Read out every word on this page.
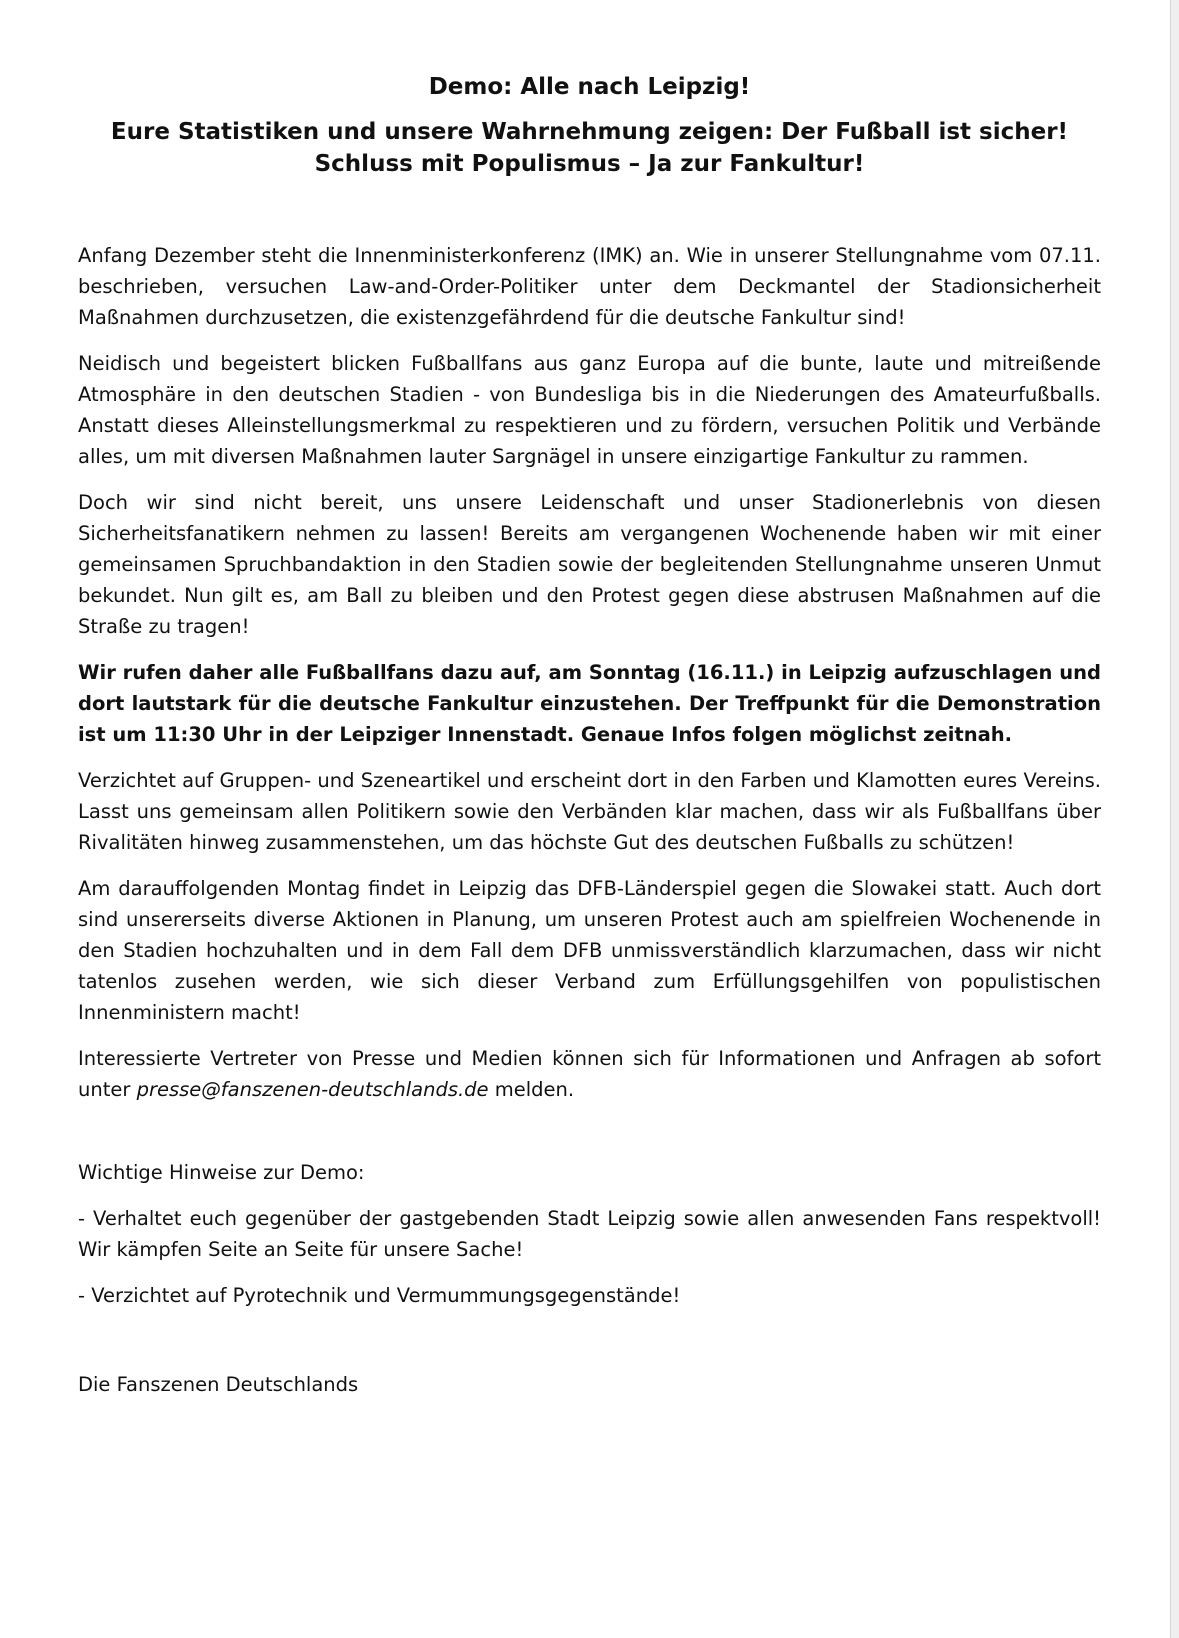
Demo: Alle nach Leipzig!
Eure Statistiken und unsere Wahrnehmung zeigen: Der Fußball ist sicher! Schluss mit Populismus – Ja zur Fankultur!

Anfang Dezember steht die Innenministerkonferenz (IMK) an. Wie in unserer Stellungnahme vom 07.11. beschrieben, versuchen Law-and-Order-Politiker unter dem Deckmantel der Stadionsicherheit Maßnahmen durchzusetzen, die existenzgefährdend für die deutsche Fankultur sind!

Neidisch und begeistert blicken Fußballfans aus ganz Europa auf die bunte, laute und mitreißende Atmosphäre in den deutschen Stadien - von Bundesliga bis in die Niederungen des Amateurfußballs. Anstatt dieses Alleinstellungsmerkmal zu respektieren und zu fördern, versuchen Politik und Verbände alles, um mit diversen Maßnahmen lauter Sargnägel in unsere einzigartige Fankultur zu rammen.

Doch wir sind nicht bereit, uns unsere Leidenschaft und unser Stadionerlebnis von diesen Sicherheitsfanatikern nehmen zu lassen! Bereits am vergangenen Wochenende haben wir mit einer gemeinsamen Spruchbandaktion in den Stadien sowie der begleitenden Stellungnahme unseren Unmut bekundet. Nun gilt es, am Ball zu bleiben und den Protest gegen diese abstrusen Maßnahmen auf die Straße zu tragen!

Wir rufen daher alle Fußballfans dazu auf, am Sonntag (16.11.) in Leipzig aufzuschlagen und dort lautstark für die deutsche Fankultur einzustehen. Der Treffpunkt für die Demonstration ist um 11:30 Uhr in der Leipziger Innenstadt. Genaue Infos folgen möglichst zeitnah.

Verzichtet auf Gruppen- und Szeneartikel und erscheint dort in den Farben und Klamotten eures Vereins. Lasst uns gemeinsam allen Politikern sowie den Verbänden klar machen, dass wir als Fußballfans über Rivalitäten hinweg zusammenstehen, um das höchste Gut des deutschen Fußballs zu schützen!

Am darauffolgenden Montag findet in Leipzig das DFB-Länderspiel gegen die Slowakei statt. Auch dort sind unsererseits diverse Aktionen in Planung, um unseren Protest auch am spielfreien Wochenende in den Stadien hochzuhalten und in dem Fall dem DFB unmissverständlich klarzumachen, dass wir nicht tatenlos zusehen werden, wie sich dieser Verband zum Erfüllungsgehilfen von populistischen Innenministern macht!

Interessierte Vertreter von Presse und Medien können sich für Informationen und Anfragen ab sofort unter presse@fanszenen-deutschlands.de melden.

Wichtige Hinweise zur Demo:

- Verhaltet euch gegenüber der gastgebenden Stadt Leipzig sowie allen anwesenden Fans respektvoll! Wir kämpfen Seite an Seite für unsere Sache!

- Verzichtet auf Pyrotechnik und Vermummungsgegenstände!

Die Fanszenen Deutschlands
